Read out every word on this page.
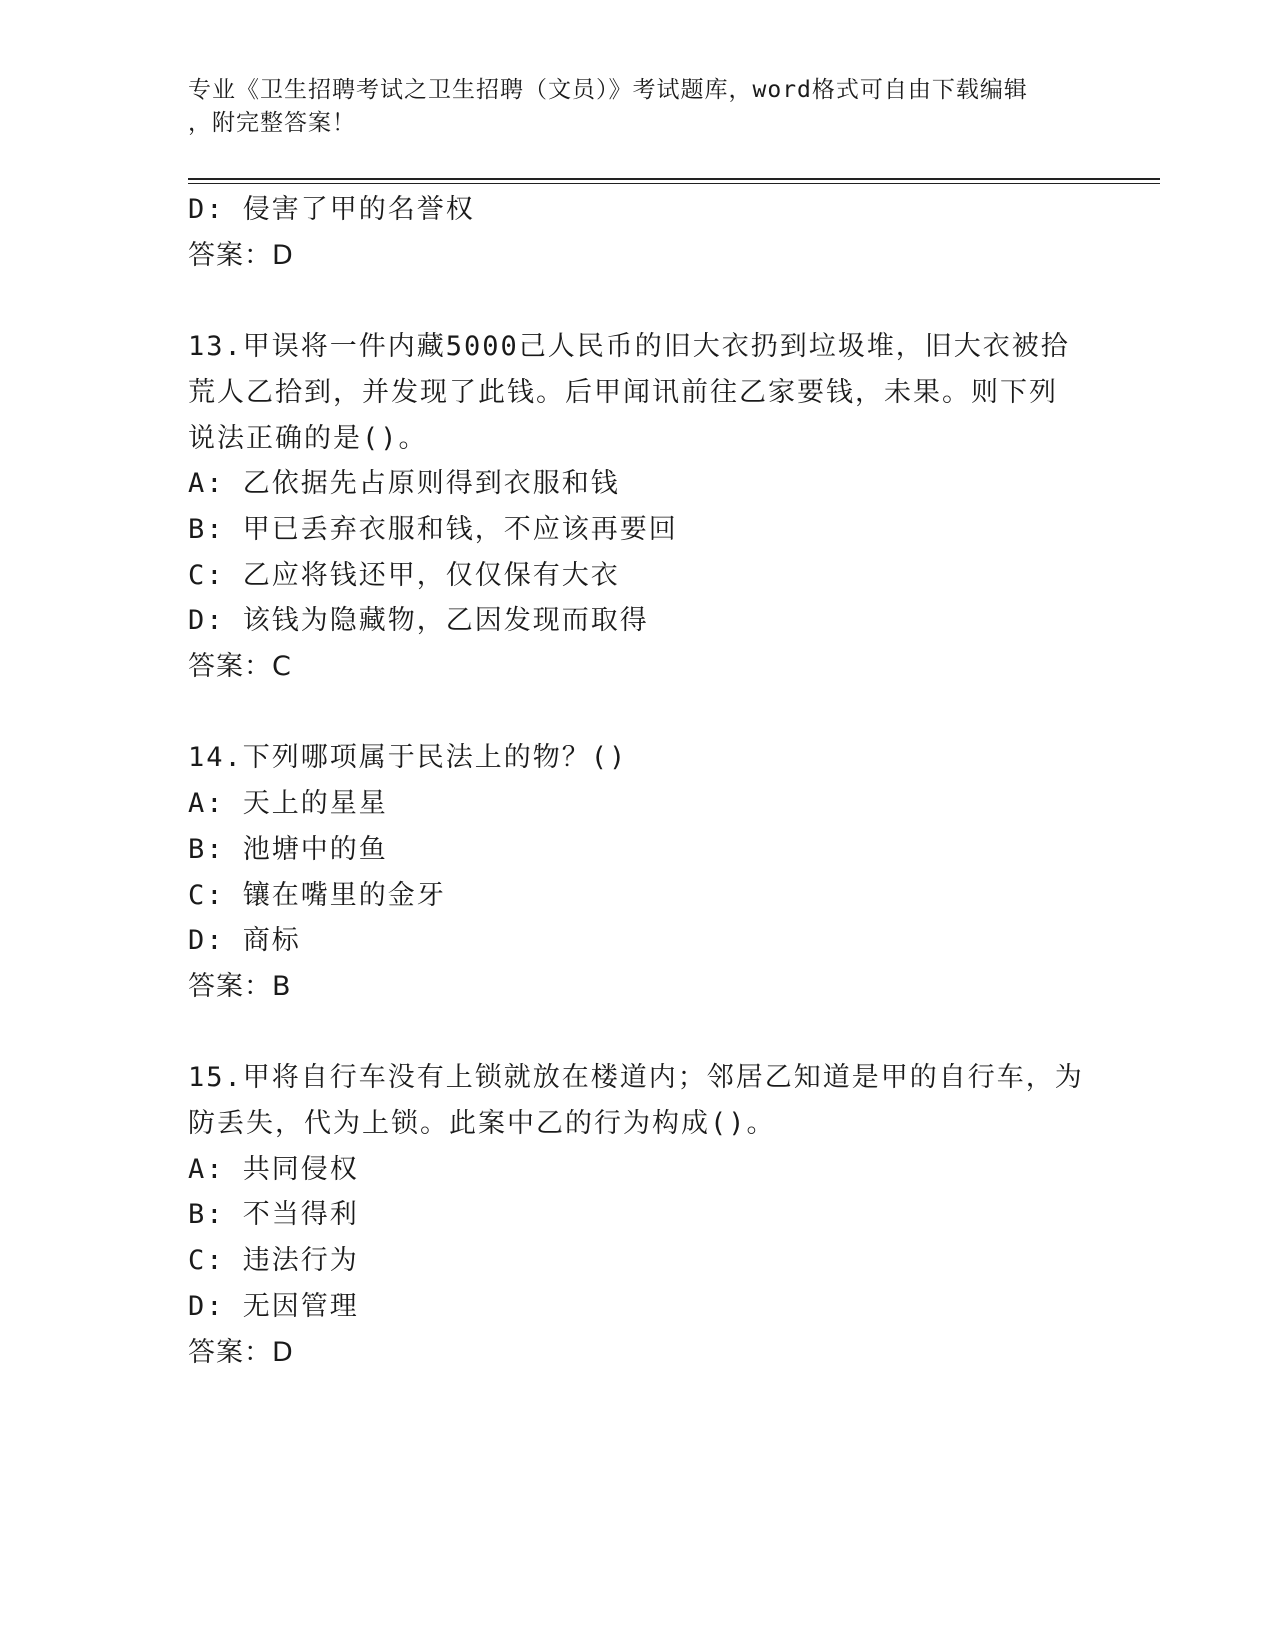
专业《卫生招聘考试之卫生招聘（文员）》考试题库，word格式可自由下载编辑
，附完整答案！
D: 侵害了甲的名誉权
答案：D
13.甲误将一件内藏5000己人民币的旧大衣扔到垃圾堆，旧大衣被拾
荒人乙拾到，并发现了此钱。后甲闻讯前往乙家要钱，未果。则下列
说法正确的是()。
A: 乙依据先占原则得到衣服和钱
B: 甲已丢弃衣服和钱，不应该再要回
C: 乙应将钱还甲，仅仅保有大衣
D: 该钱为隐藏物，乙因发现而取得
答案：C
14.下列哪项属于民法上的物？()
A: 天上的星星
B: 池塘中的鱼
C: 镶在嘴里的金牙
D: 商标
答案：B
15.甲将自行车没有上锁就放在楼道内；邻居乙知道是甲的自行车，为
防丢失，代为上锁。此案中乙的行为构成()。
A: 共同侵权
B: 不当得利
C: 违法行为
D: 无因管理
答案：D
